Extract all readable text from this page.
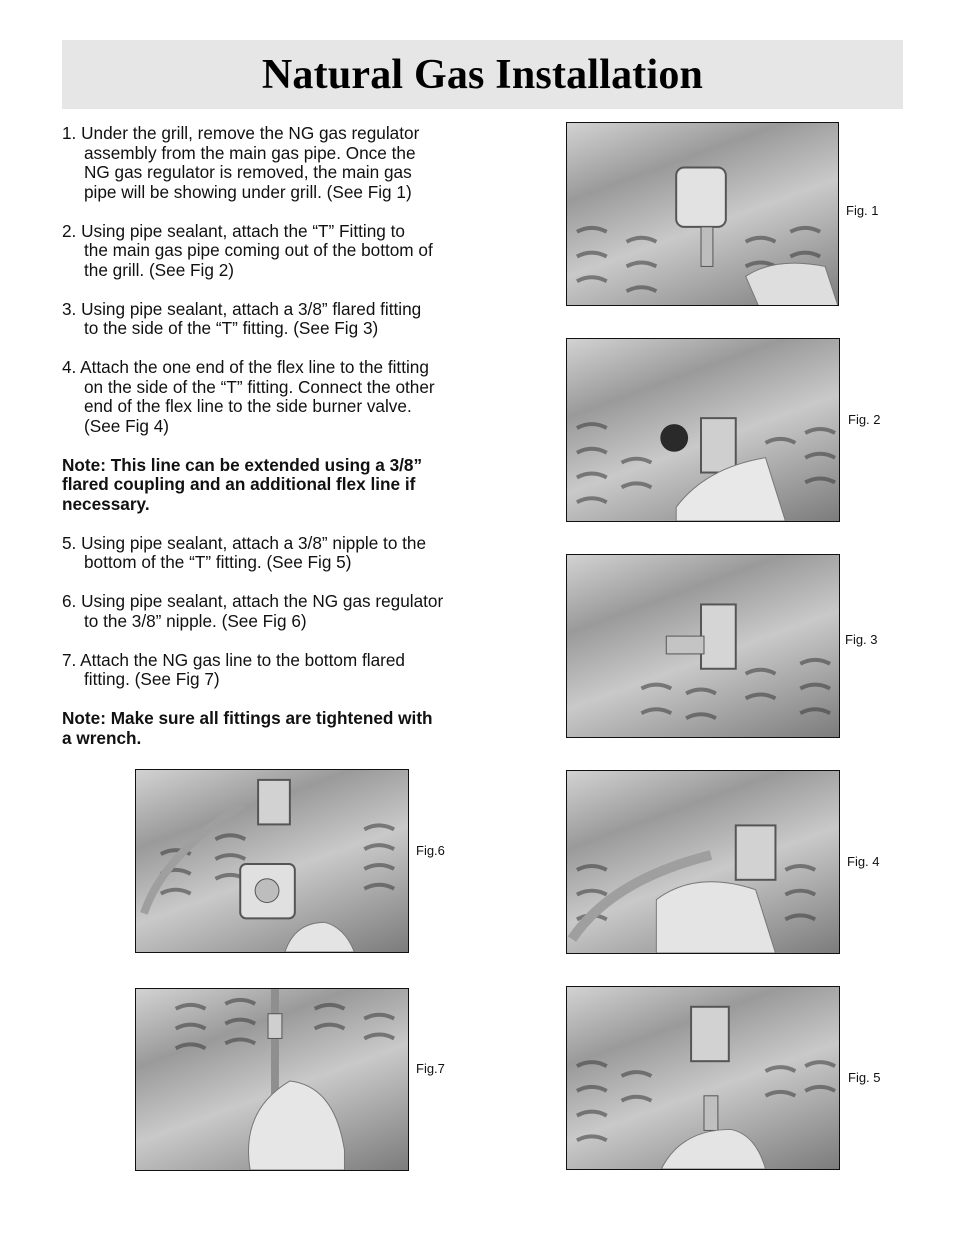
Natural Gas Installation
1. Under the grill, remove the NG gas regulator
assembly from the main gas pipe. Once the
NG gas regulator is removed, the main gas
pipe will be showing under grill. (See Fig 1)
2. Using pipe sealant, attach the “T” Fitting to
the main gas pipe coming out of the bottom of
the grill. (See Fig 2)
3. Using pipe sealant, attach a 3/8” flared fitting
to the side of the “T” fitting. (See Fig 3)
4. Attach the one end of the flex line to the fitting
on the side of the “T” fitting. Connect the other
end of the flex line to the side burner valve.
(See Fig 4)
Note: This line can be extended using a 3/8”
flared coupling and an additional flex line if
necessary.
5. Using pipe sealant, attach a 3/8” nipple to the
bottom of the “T” fitting. (See Fig 5)
6. Using pipe sealant, attach the NG gas regulator
to the 3/8” nipple. (See Fig 6)
7. Attach the NG gas line to the bottom flared
fitting. (See Fig 7)
Note: Make sure all fittings are tightened with
a wrench.
Fig. 1
Fig. 2
Fig. 3
Fig. 4
Fig. 5
Fig.6
Fig.7
